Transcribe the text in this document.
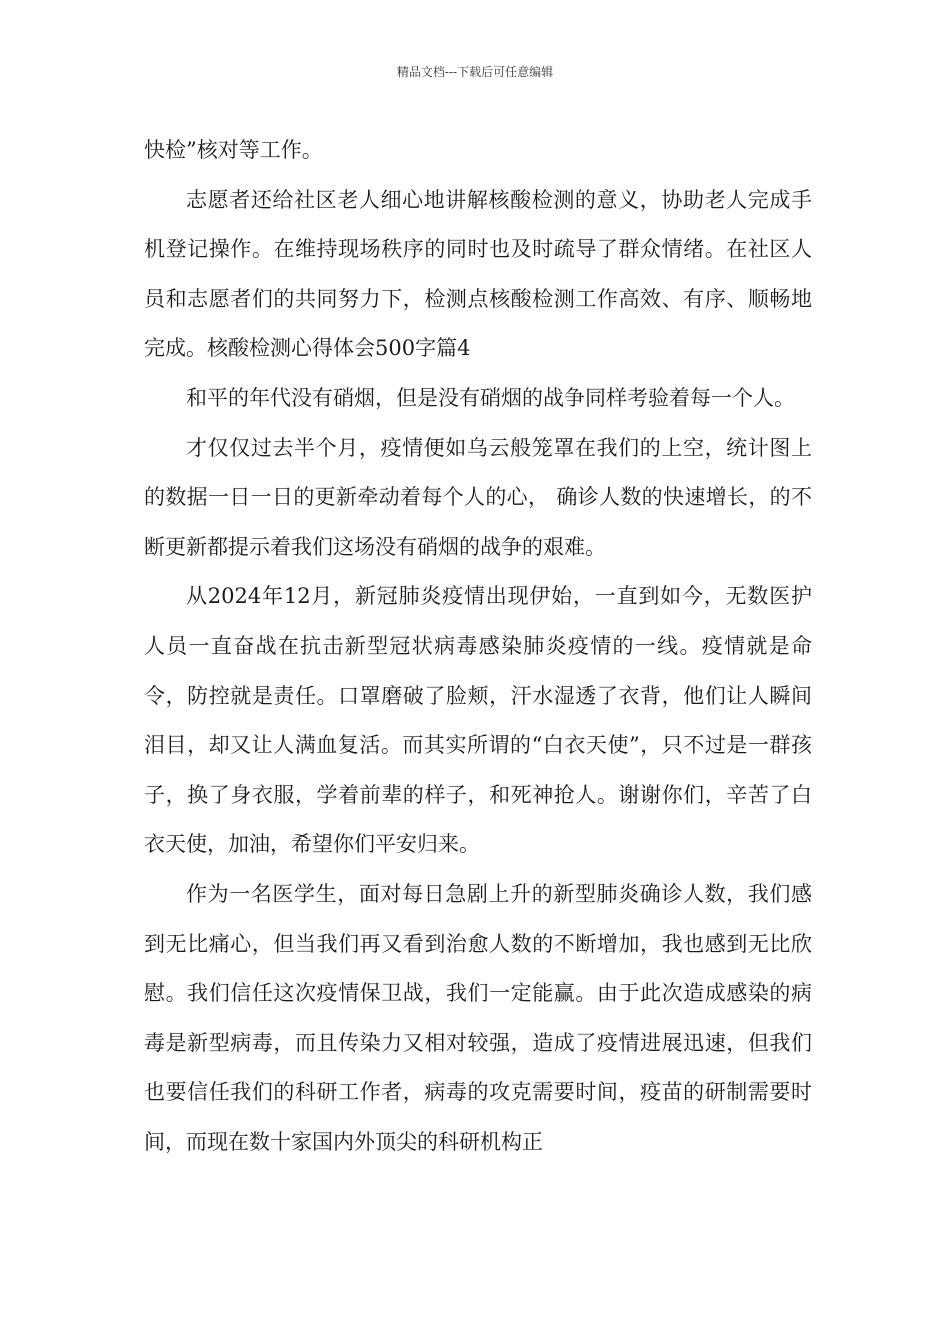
精品文档---下载后可任意编辑

快检”核对等工作。

志愿者还给社区老人细心地讲解核酸检测的意义，协助老人完成手机登记操作。在维持现场秩序的同时也及时疏导了群众情绪。在社区人员和志愿者们的共同努力下，检测点核酸检测工作高效、有序、顺畅地完成。核酸检测心得体会500字篇4

和平的年代没有硝烟，但是没有硝烟的战争同样考验着每一个人。

才仅仅过去半个月，疫情便如乌云般笼罩在我们的上空，统计图上的数据一日一日的更新牵动着每个人的心， 确诊人数的快速增长，的不断更新都提示着我们这场没有硝烟的战争的艰难。

从2024年12月，新冠肺炎疫情出现伊始，一直到如今，无数医护人员一直奋战在抗击新型冠状病毒感染肺炎疫情的一线。疫情就是命令，防控就是责任。口罩磨破了脸颊，汗水湿透了衣背，他们让人瞬间泪目，却又让人满血复活。而其实所谓的“白衣天使”，只不过是一群孩子，换了身衣服，学着前辈的样子，和死神抢人。谢谢你们，辛苦了白衣天使，加油，希望你们平安归来。

作为一名医学生，面对每日急剧上升的新型肺炎确诊人数，我们感到无比痛心，但当我们再又看到治愈人数的不断增加，我也感到无比欣慰。我们信任这次疫情保卫战，我们一定能赢。由于此次造成感染的病毒是新型病毒，而且传染力又相对较强，造成了疫情进展迅速，但我们也要信任我们的科研工作者，病毒的攻克需要时间，疫苗的研制需要时间，而现在数十家国内外顶尖的科研机构正
